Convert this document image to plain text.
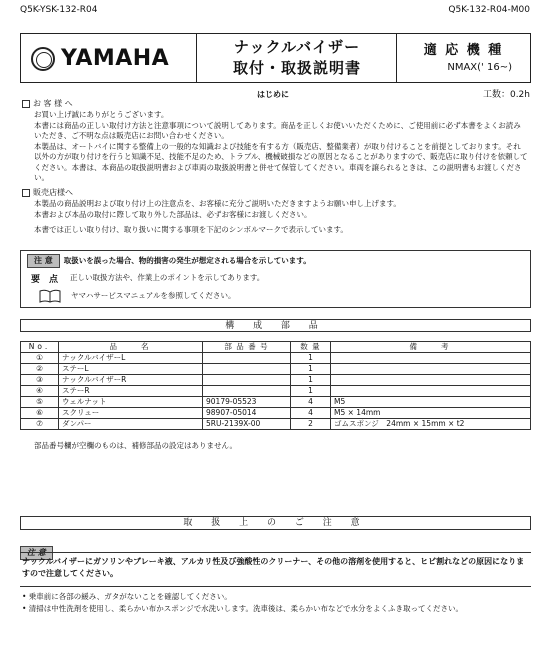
Q5K-YSK-132-R04	Q5K-132-R04-M00
YAMAHA	ナックルバイザー
取付・取扱説明書
適 応 機 種
NMAX(' 16~)
はじめに	工数：0.2h
お 客 様 へ
お買い上げ誠にありがとうございます。
本書には商品の正しい取付け方法と注意事項について説明してあります。商品を正しくお使いいただくために、ご使用前に必ず本書をよくお読みいただき、ご不明な点は販売店にお問い合わせください。
本製品は、オートバイに関する整備上の一般的な知識および技能を有する方（販売店、整備業者）が取り付けることを前提としております。それ以外の方が取り付けを行うと知識不足、技能不足のため、トラブル、機械破損などの原因となることがありますので、販売店に取り付けを依頼してください。本書は、本商品の取扱説明書および車両の取扱説明書と併せて保管してください。車両を譲られるときは、この説明書もお渡しください。
販売店様へ
本製品の商品説明および取り付け上の注意点を、お客様に充分ご説明いただきますようお願い申し上げます。
本書および本品の取付に際して取り外した部品は、必ずお客様にお渡しください。
本書では正しい取り付け、取り扱いに関する事項を下記のシンボルマークで表示しています。
注 意	取扱いを誤った場合、物的損害の発生が想定される場合を示しています。
要　点 正しい取扱方法や、作業上のポイントを示してあります。
ヤマハサービスマニュアルを参照してください。
構 成 部 品
No.	品　　名	部 品 番 号	数 量	備　　考
①	ナックルバイザーL		1	
②	ステーL		1	
③	ナックルバイザーR		1	
④	ステーR		1	
⑤	ウェルナット	90179-05523	4	M5
⑥	スクリュー	98907-05014	4	M5 × 14mm
⑦	ダンパー	5RU-2139X-00	2	ゴムスポンジ　24mm × 15mm × t2
部品番号欄が空欄のものは、補修部品の設定はありません。
取 扱 上 の ご 注 意
注 意
ナックルバイザーにガソリンやブレーキ液、アルカリ性及び強酸性のクリーナー、その他の溶剤を使用すると、ヒビ割れなどの原因になりますので注意してください。
• 乗車前に各部の緩み、ガタがないことを確認してください。
• 清掃は中性洗剤を使用し、柔らかい布かスポンジで水洗いします。洗車後は、柔らかい布などで水分をよくふき取ってください。
